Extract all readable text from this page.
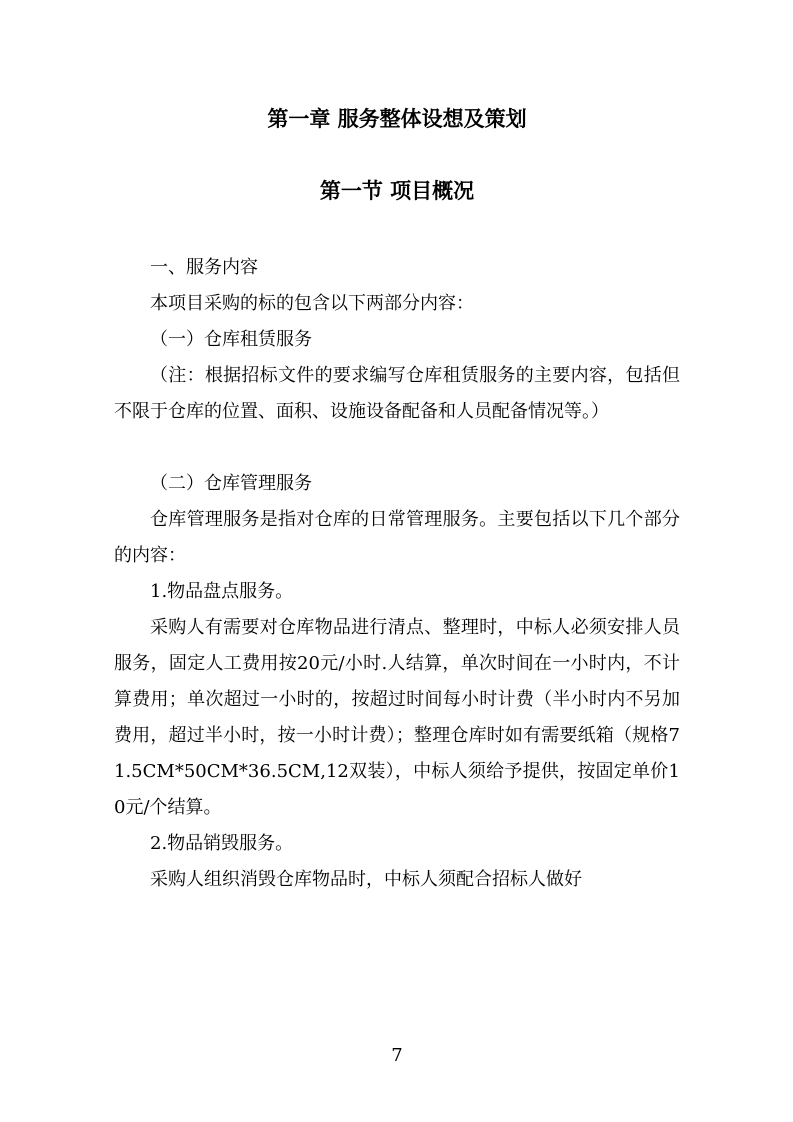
第一章 服务整体设想及策划
第一节 项目概况

一、服务内容

本项目采购的标的包含以下两部分内容：

（一）仓库租赁服务

（注：根据招标文件的要求编写仓库租赁服务的主要内容，包括但不限于仓库的位置、面积、设施设备配备和人员配备情况等。）

（二）仓库管理服务

仓库管理服务是指对仓库的日常管理服务。主要包括以下几个部分的内容：

1.物品盘点服务。

采购人有需要对仓库物品进行清点、整理时，中标人必须安排人员服务，固定人工费用按20元/小时.人结算，单次时间在一小时内，不计算费用；单次超过一小时的，按超过时间每小时计费（半小时内不另加费用，超过半小时，按一小时计费）；整理仓库时如有需要纸箱（规格71.5CM*50CM*36.5CM,12双装），中标人须给予提供，按固定单价10元/个结算。

2.物品销毁服务。

采购人组织消毁仓库物品时，中标人须配合招标人做好

7
